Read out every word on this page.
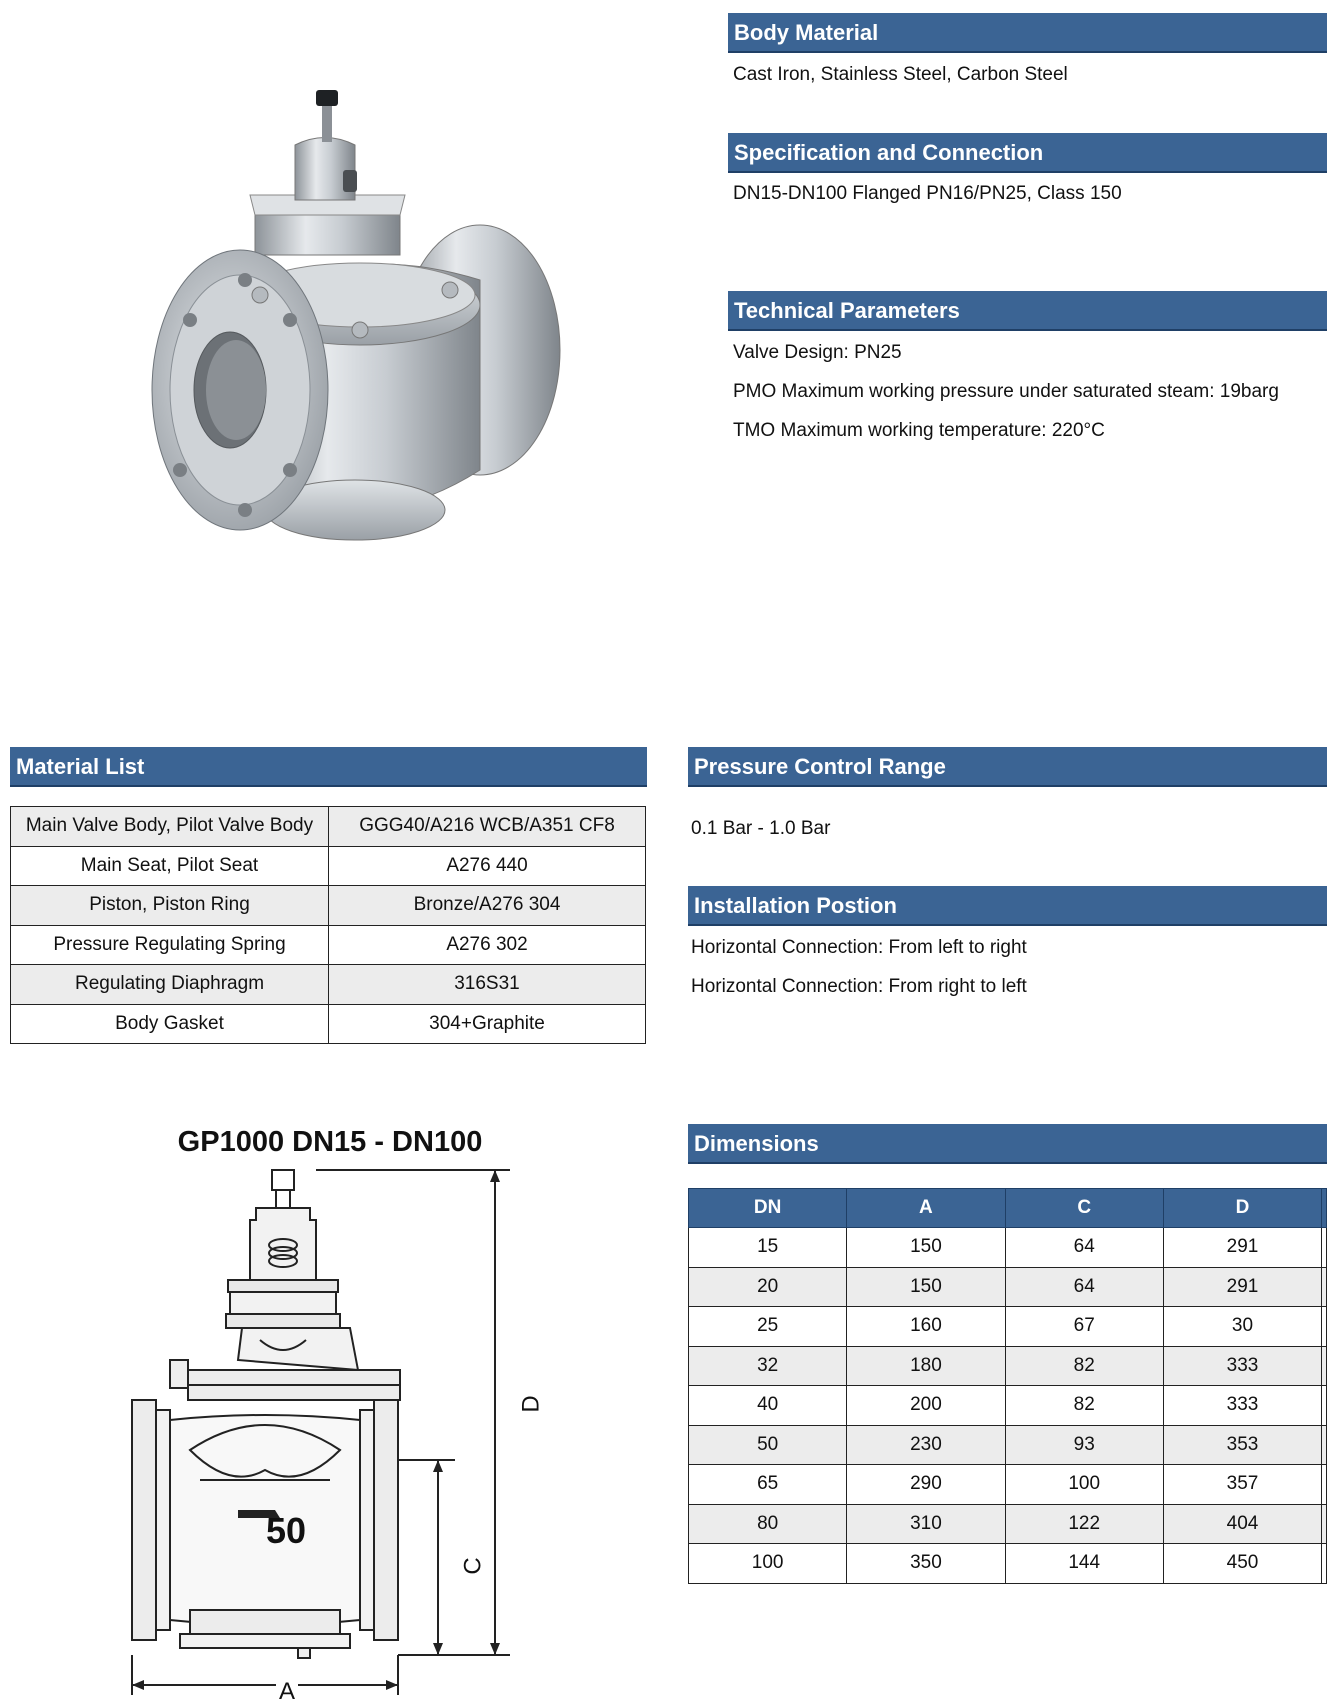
Body Material
Cast Iron, Stainless Steel, Carbon Steel
Specification and Connection
DN15-DN100 Flanged PN16/PN25, Class 150
Technical Parameters
Valve Design: PN25
PMO Maximum working pressure under saturated steam: 19barg
TMO Maximum working temperature: 220°C
Material List
Main Valve Body, Pilot Valve Body	GGG40/A216 WCB/A351 CF8
Main Seat, Pilot Seat	A276 440
Piston, Piston Ring	Bronze/A276 304
Pressure Regulating Spring	A276 302
Regulating Diaphragm	316S31
Body Gasket	304+Graphite
Pressure Control Range
0.1 Bar - 1.0 Bar
Installation Postion
Horizontal Connection: From left to right
Horizontal Connection: From right to left
GP1000 DN15 - DN100
50
A
C
D
Dimensions
DN	A	C	D	
15	150	64	291	
20	150	64	291	
25	160	67	30	
32	180	82	333	
40	200	82	333	
50	230	93	353	
65	290	100	357	
80	310	122	404	
100	350	144	450	
